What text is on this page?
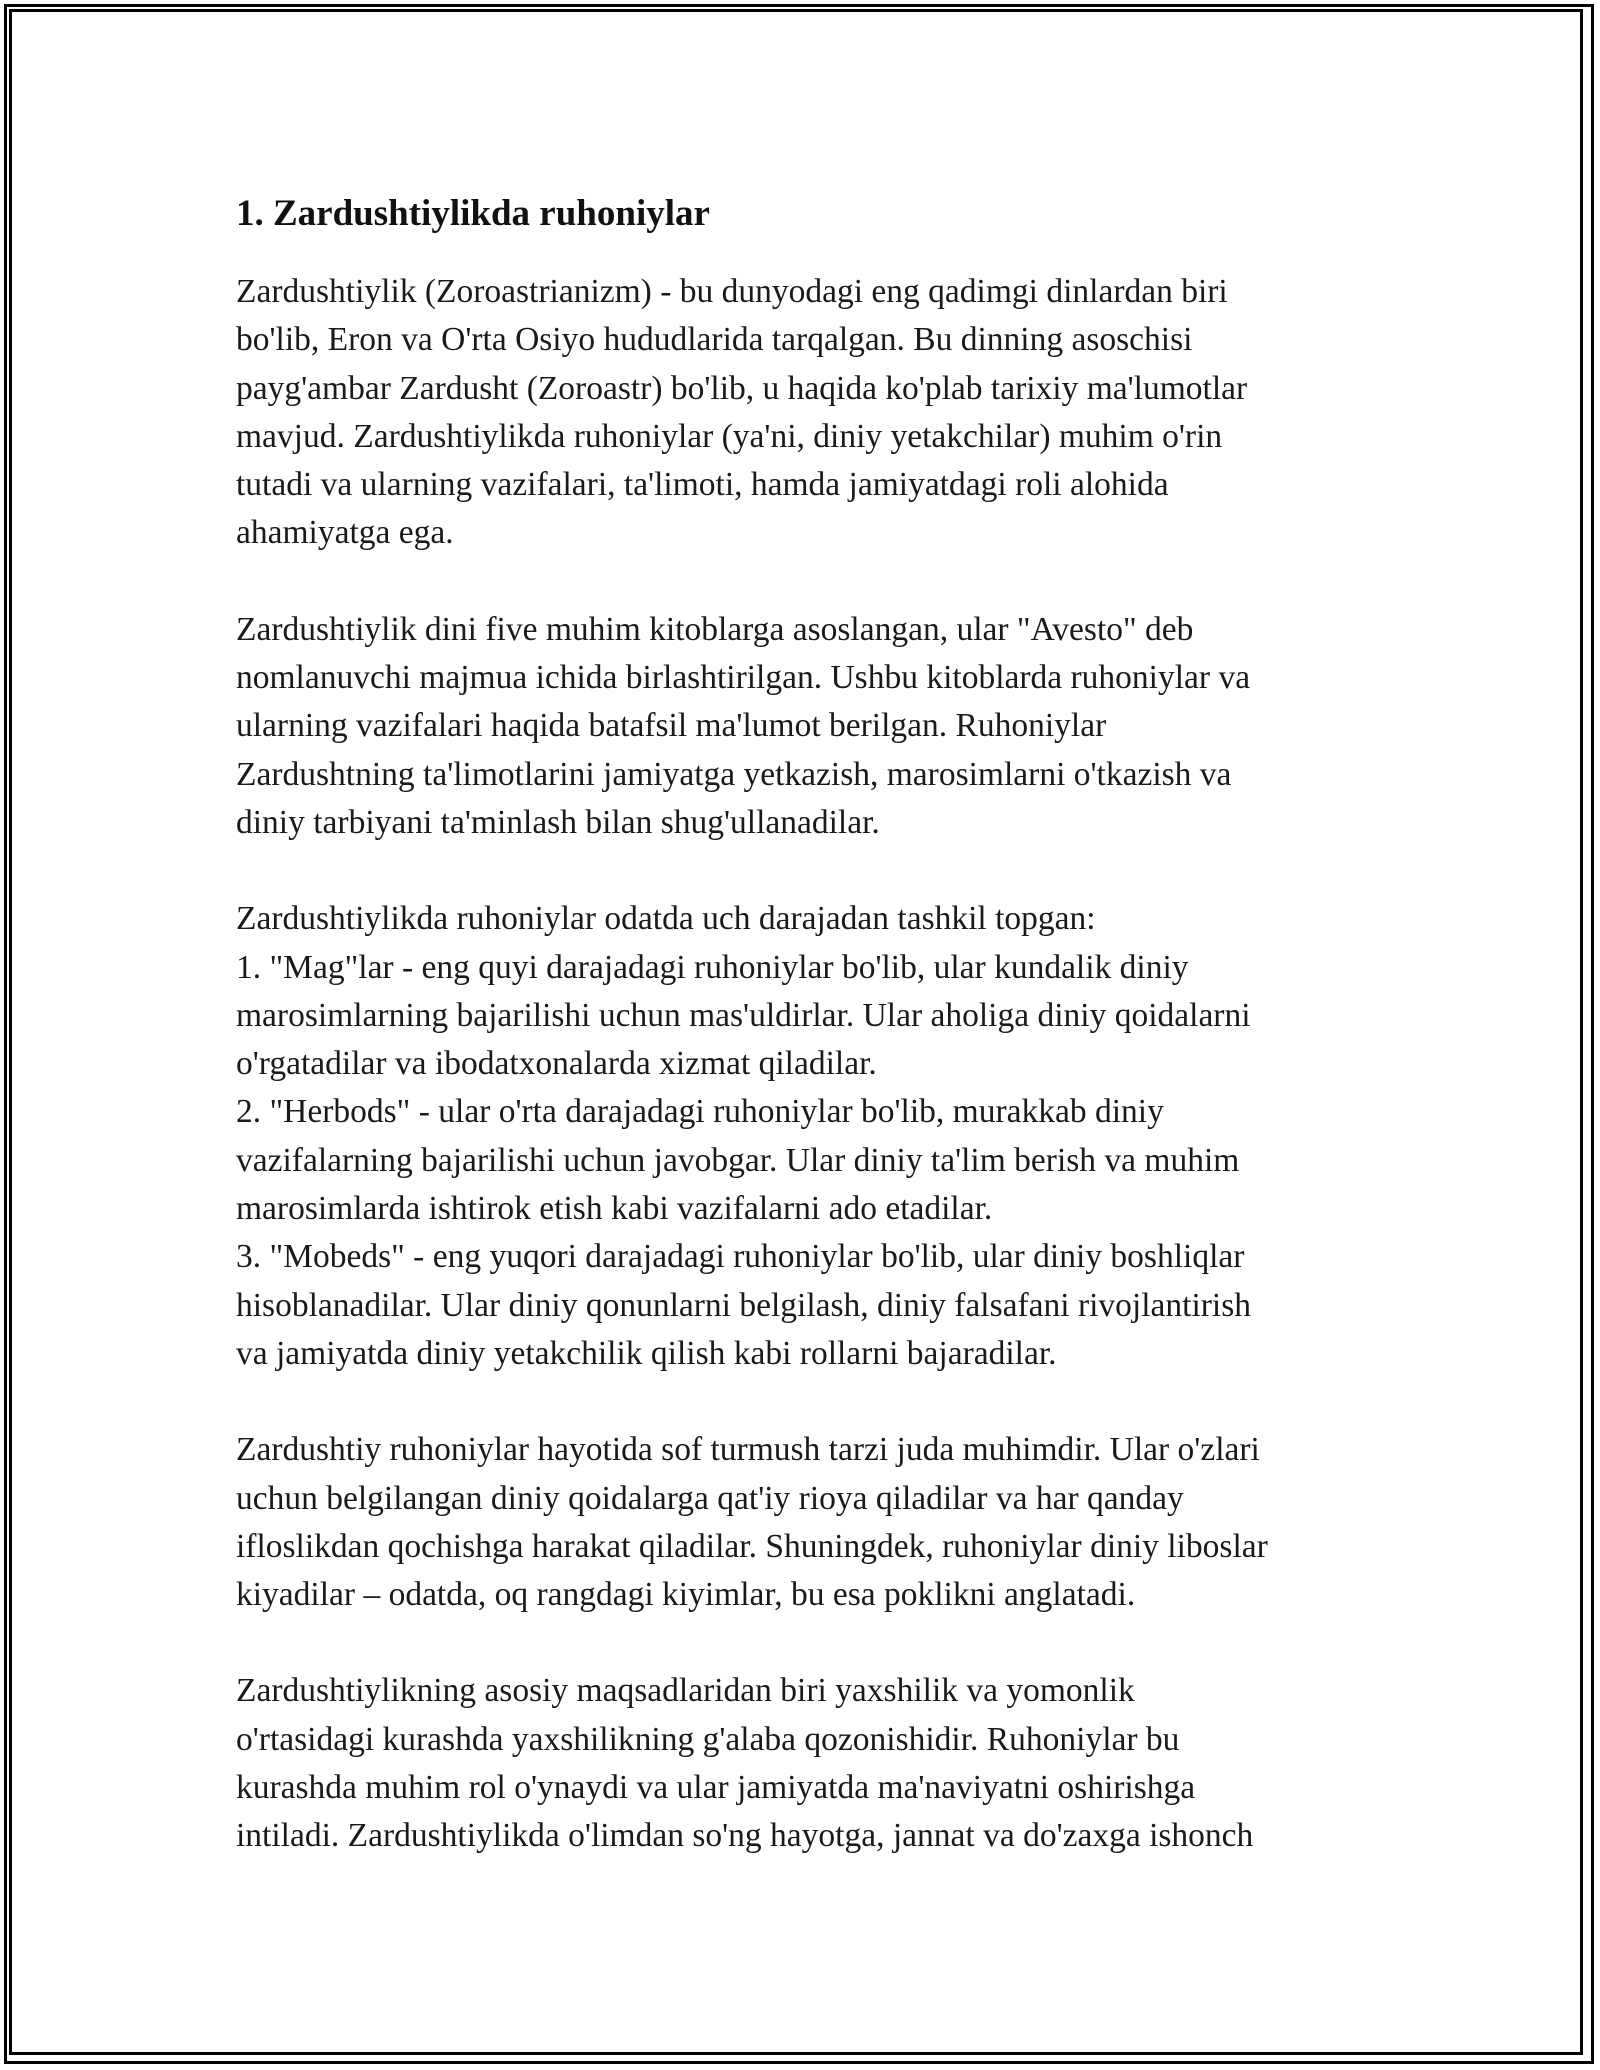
1. Zardushtiylikda ruhoniylar

Zardushtiylik (Zoroastrianizm) - bu dunyodagi eng qadimgi dinlardan biri
bo'lib, Eron va O'rta Osiyo hududlarida tarqalgan. Bu dinning asoschisi
payg'ambar Zardusht (Zoroastr) bo'lib, u haqida ko'plab tarixiy ma'lumotlar
mavjud. Zardushtiylikda ruhoniylar (ya'ni, diniy yetakchilar) muhim o'rin
tutadi va ularning vazifalari, ta'limoti, hamda jamiyatdagi roli alohida
ahamiyatga ega.

Zardushtiylik dini five muhim kitoblarga asoslangan, ular "Avesto" deb
nomlanuvchi majmua ichida birlashtirilgan. Ushbu kitoblarda ruhoniylar va
ularning vazifalari haqida batafsil ma'lumot berilgan. Ruhoniylar
Zardushtning ta'limotlarini jamiyatga yetkazish, marosimlarni o'tkazish va
diniy tarbiyani ta'minlash bilan shug'ullanadilar.

Zardushtiylikda ruhoniylar odatda uch darajadan tashkil topgan:
1. "Mag"lar - eng quyi darajadagi ruhoniylar bo'lib, ular kundalik diniy
marosimlarning bajarilishi uchun mas'uldirlar. Ular aholiga diniy qoidalarni
o'rgatadilar va ibodatxonalarda xizmat qiladilar.
2. "Herbods" - ular o'rta darajadagi ruhoniylar bo'lib, murakkab diniy
vazifalarning bajarilishi uchun javobgar. Ular diniy ta'lim berish va muhim
marosimlarda ishtirok etish kabi vazifalarni ado etadilar.
3. "Mobeds" - eng yuqori darajadagi ruhoniylar bo'lib, ular diniy boshliqlar
hisoblanadilar. Ular diniy qonunlarni belgilash, diniy falsafani rivojlantirish
va jamiyatda diniy yetakchilik qilish kabi rollarni bajaradilar.

Zardushtiy ruhoniylar hayotida sof turmush tarzi juda muhimdir. Ular o'zlari
uchun belgilangan diniy qoidalarga qat'iy rioya qiladilar va har qanday
ifloslikdan qochishga harakat qiladilar. Shuningdek, ruhoniylar diniy liboslar
kiyadilar – odatda, oq rangdagi kiyimlar, bu esa poklikni anglatadi.

Zardushtiylikning asosiy maqsadlaridan biri yaxshilik va yomonlik
o'rtasidagi kurashda yaxshilikning g'alaba qozonishidir. Ruhoniylar bu
kurashda muhim rol o'ynaydi va ular jamiyatda ma'naviyatni oshirishga
intiladi. Zardushtiylikda o'limdan so'ng hayotga, jannat va do'zaxga ishonch
